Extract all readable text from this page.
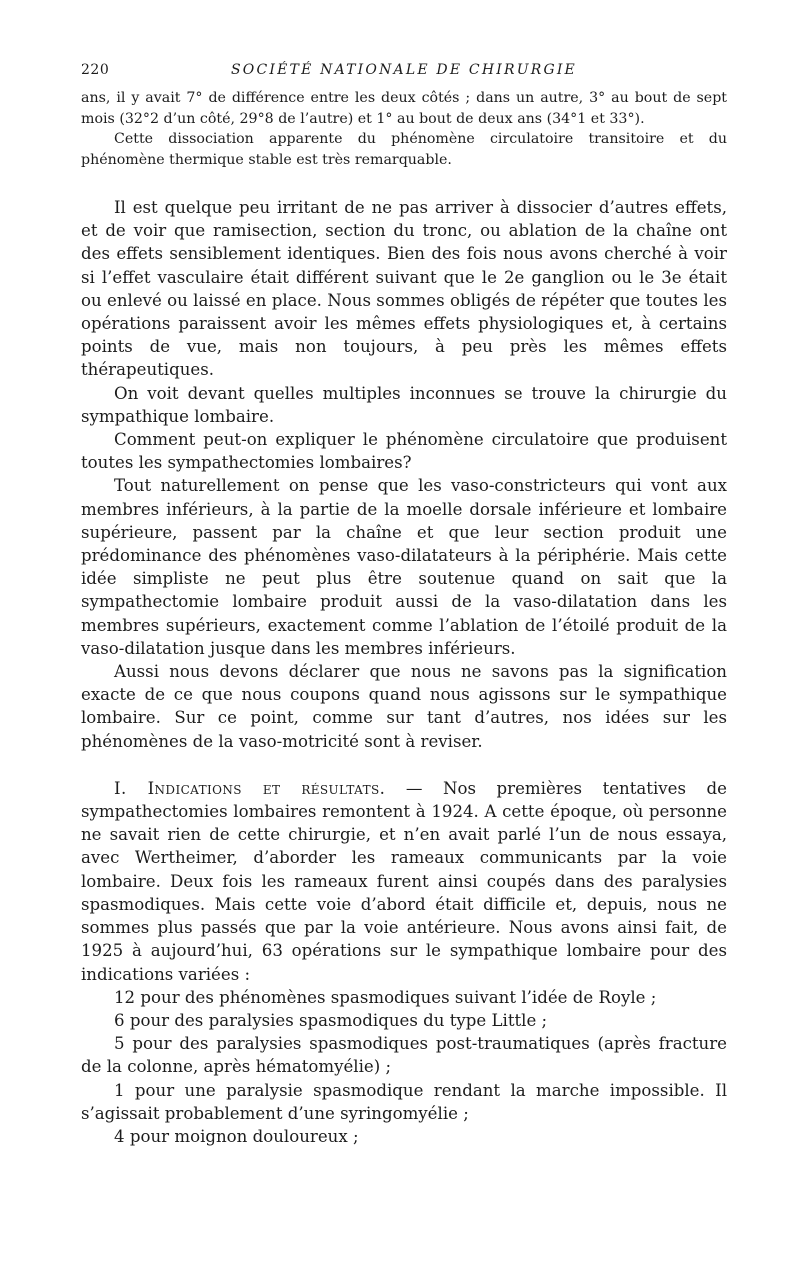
220	SOCIÉTÉ NATIONALE DE CHIRURGIE

ans, il y avait 7° de différence entre les deux côtés ; dans un autre, 3° au bout de sept mois (32°2 d’un côté, 29°8 de l’autre) et 1° au bout de deux ans (34°1 et 33°).

Cette dissociation apparente du phénomène circulatoire transitoire et du phénomène thermique stable est très remarquable.

Il est quelque peu irritant de ne pas arriver à dissocier d’autres effets, et de voir que ramisection, section du tronc, ou ablation de la chaîne ont des effets sensiblement identiques. Bien des fois nous avons cherché à voir si l’effet vasculaire était différent suivant que le 2e ganglion ou le 3e était ou enlevé ou laissé en place. Nous sommes obligés de répéter que toutes les opérations paraissent avoir les mêmes effets physiologiques et, à certains points de vue, mais non toujours, à peu près les mêmes effets thérapeutiques.

On voit devant quelles multiples inconnues se trouve la chirurgie du sympathique lombaire.

Comment peut-on expliquer le phénomène circulatoire que produisent toutes les sympathectomies lombaires?

Tout naturellement on pense que les vaso-constricteurs qui vont aux membres inférieurs, à la partie de la moelle dorsale inférieure et lombaire supérieure, passent par la chaîne et que leur section produit une prédominance des phénomènes vaso-dilatateurs à la périphérie. Mais cette idée simpliste ne peut plus être soutenue quand on sait que la sympathectomie lombaire produit aussi de la vaso-dilatation dans les membres supérieurs, exactement comme l’ablation de l’étoilé produit de la vaso-dilatation jusque dans les membres inférieurs.

Aussi nous devons déclarer que nous ne savons pas la signification exacte de ce que nous coupons quand nous agissons sur le sympathique lombaire. Sur ce point, comme sur tant d’autres, nos idées sur les phénomènes de la vaso-motricité sont à reviser.

I. Indications et résultats. — Nos premières tentatives de sympathectomies lombaires remontent à 1924. A cette époque, où personne ne savait rien de cette chirurgie, et n’en avait parlé l’un de nous essaya, avec Wertheimer, d’aborder les rameaux communicants par la voie lombaire. Deux fois les rameaux furent ainsi coupés dans des paralysies spasmodiques. Mais cette voie d’abord était difficile et, depuis, nous ne sommes plus passés que par la voie antérieure. Nous avons ainsi fait, de 1925 à aujourd’hui, 63 opérations sur le sympathique lombaire pour des indications variées :

12 pour des phénomènes spasmodiques suivant l’idée de Royle ;

6 pour des paralysies spasmodiques du type Little ;

5 pour des paralysies spasmodiques post-traumatiques (après fracture de la colonne, après hématomyélie) ;

1 pour une paralysie spasmodique rendant la marche impossible. Il s’agissait probablement d’une syringomyélie ;

4 pour moignon douloureux ;
